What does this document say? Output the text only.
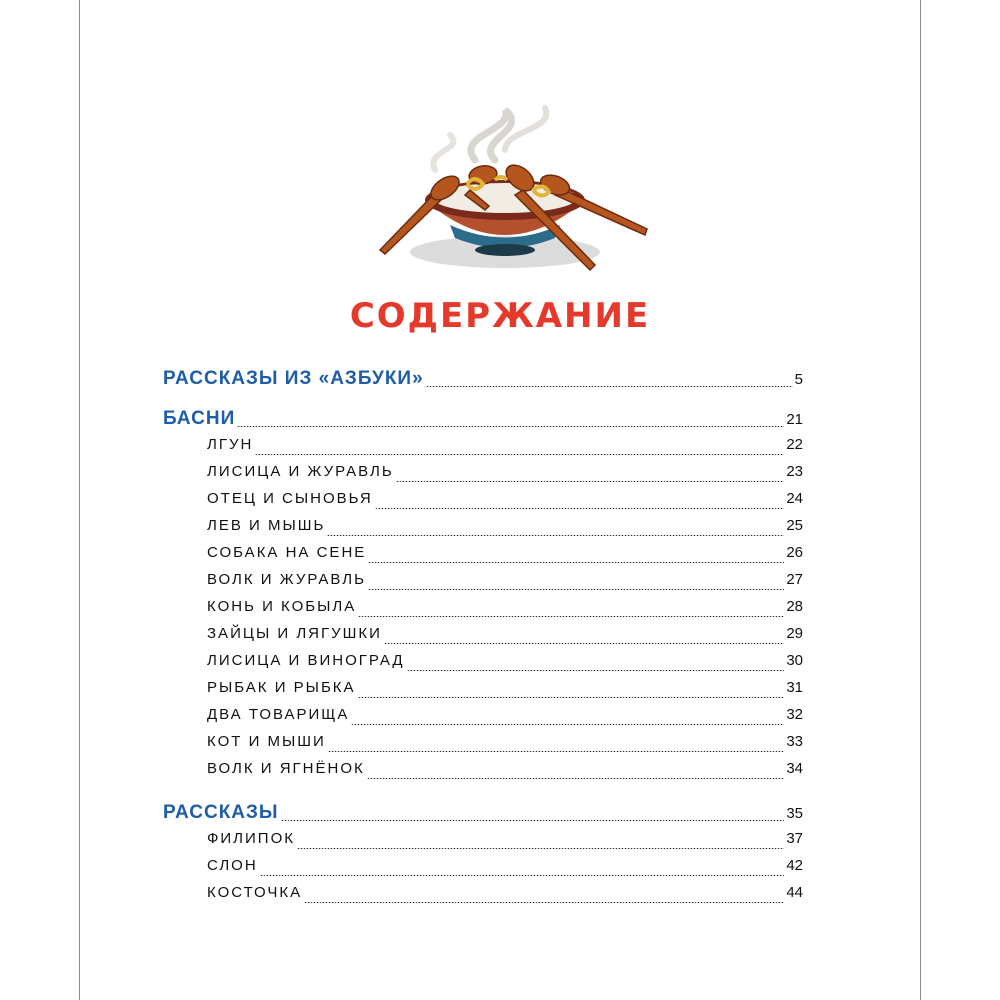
СОДЕРЖАНИЕ
РАССКАЗЫ ИЗ «АЗБУКИ»	5
БАСНИ	21
ЛГУН	22
ЛИСИЦА И ЖУРАВЛЬ	23
ОТЕЦ И СЫНОВЬЯ	24
ЛЕВ И МЫШЬ	25
СОБАКА НА СЕНЕ	26
ВОЛК И ЖУРАВЛЬ	27
КОНЬ И КОБЫЛА	28
ЗАЙЦЫ И ЛЯГУШКИ	29
ЛИСИЦА И ВИНОГРАД	30
РЫБАК И РЫБКА	31
ДВА ТОВАРИЩА	32
КОТ И МЫШИ	33
ВОЛК И ЯГНЁНОК	34
РАССКАЗЫ	35
ФИЛИПОК	37
СЛОН	42
КОСТОЧКА	44
